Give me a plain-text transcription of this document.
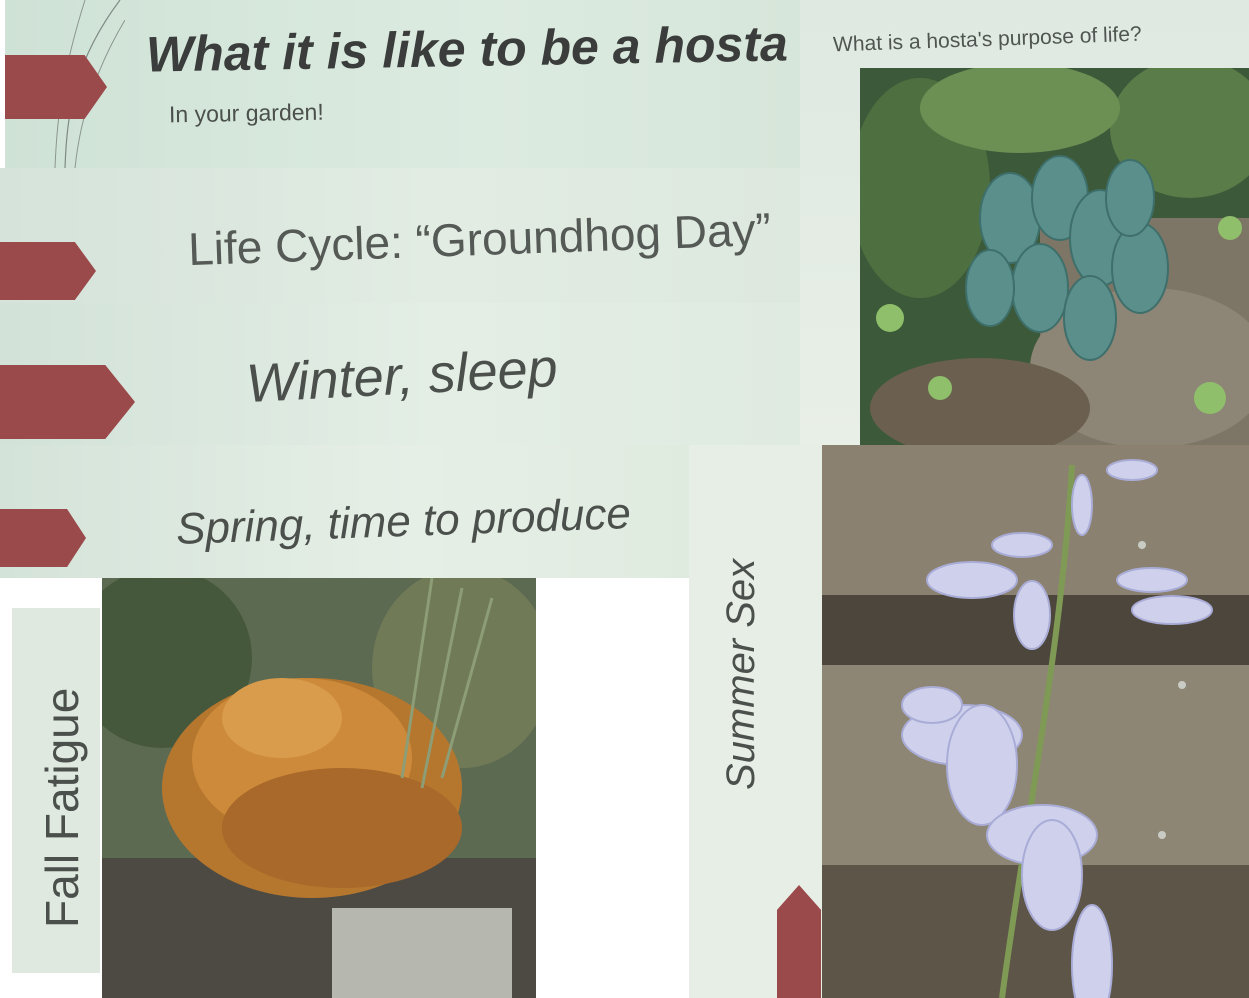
What it is like to be a hosta
In your garden!
Life Cycle: “Groundhog Day”
Winter, sleep
Spring, time to produce
What is a hosta's purpose of life?
Fall Fatigue
Summer Sex
